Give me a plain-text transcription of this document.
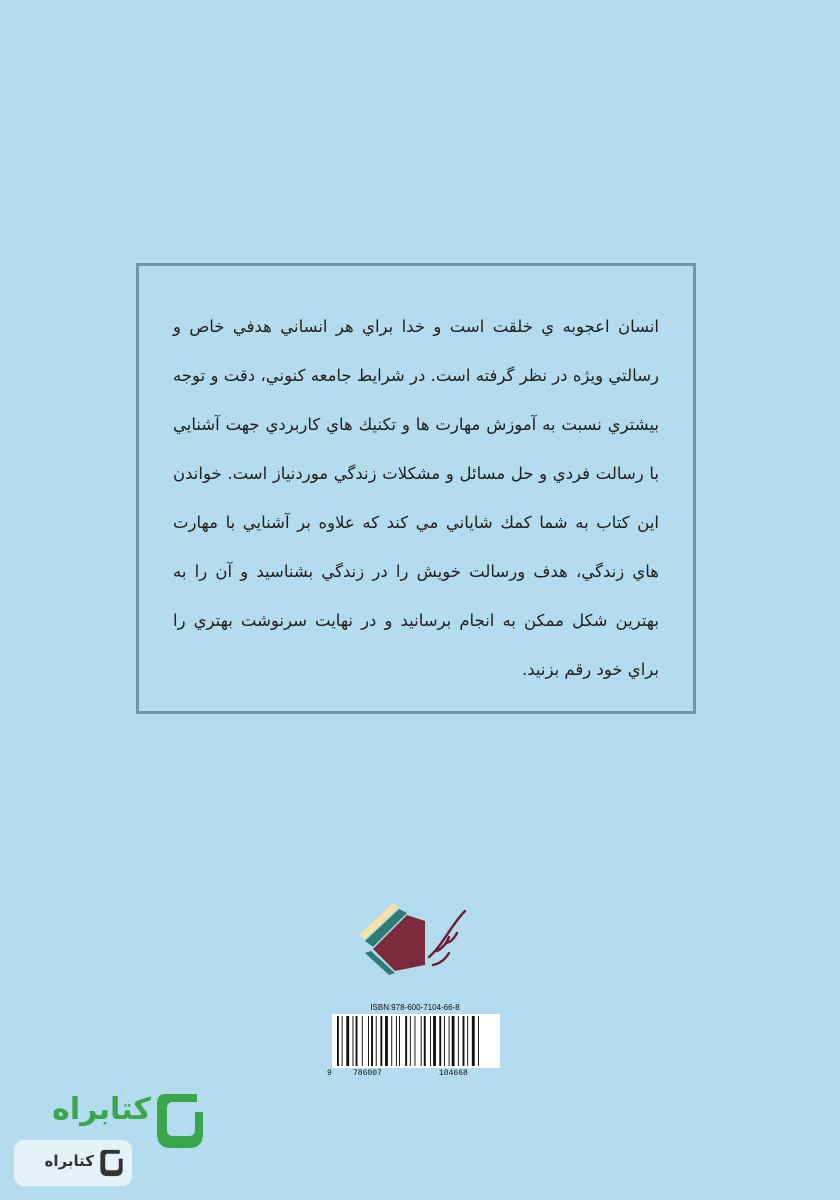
انسان اعجوبه ي خلقت است و خدا براي هر انساني هدفي خاص و رسالتي ويژه در نظر گرفته است. در شرايط جامعه كنوني، دقت و توجه بيشتري نسبت به آموزش مهارت ها و تكنيك هاي كاربردي جهت آشنايي با رسالت فردي و حل مسائل و مشكلات زندگي موردنياز است. خواندن اين كتاب به شما كمك شاياني مي كند كه علاوه بر آشنايي با مهارت هاي زندگي، هدف ورسالت خويش را در زندگي بشناسيد و آن را به بهترين شكل ممكن به انجام برسانيد و در نهايت سرنوشت بهتري را براي خود رقم بزنيد.

ISBN:978-600-7104-66-8
9	786007	104668
کتابراه
کتابراه
